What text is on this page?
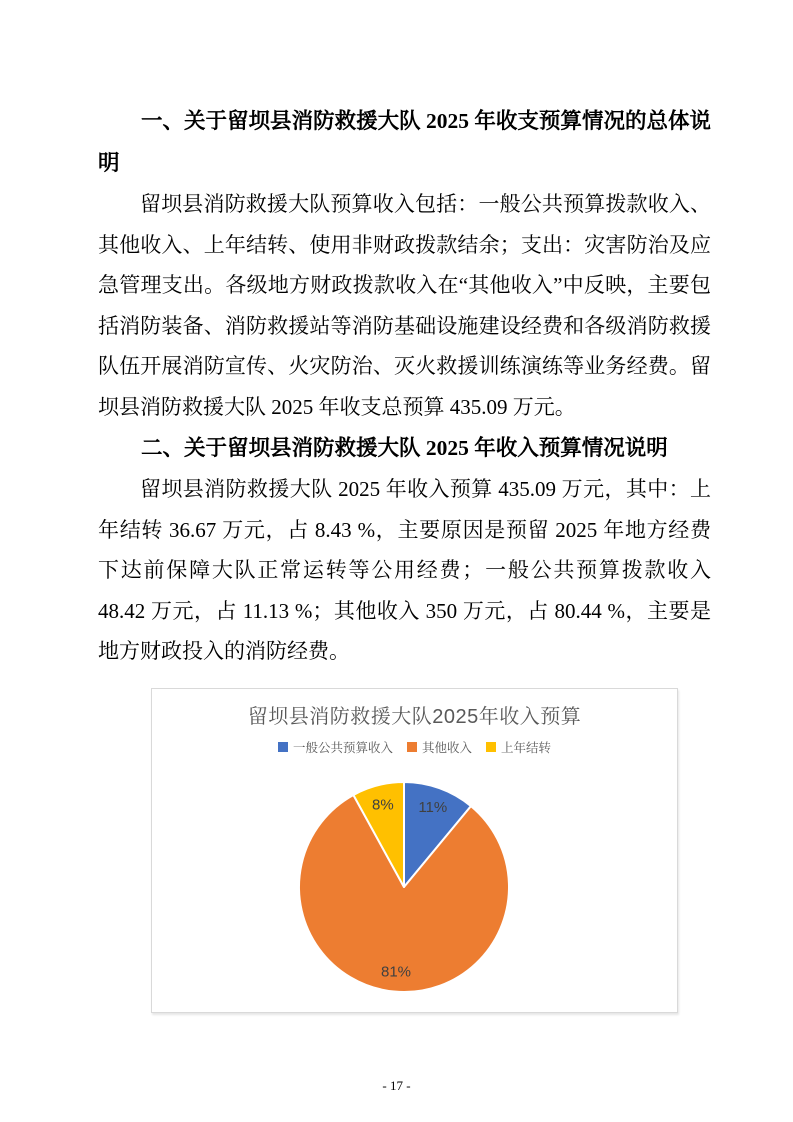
一、关于留坝县消防救援大队 2025 年收支预算情况的总体说明

留坝县消防救援大队预算收入包括：一般公共预算拨款收入、其他收入、上年结转、使用非财政拨款结余；支出：灾害防治及应急管理支出。各级地方财政拨款收入在“其他收入”中反映，主要包括消防装备、消防救援站等消防基础设施建设经费和各级消防救援队伍开展消防宣传、火灾防治、灭火救援训练演练等业务经费。留坝县消防救援大队 2025 年收支总预算 435.09 万元。

二、关于留坝县消防救援大队 2025 年收入预算情况说明

留坝县消防救援大队 2025 年收入预算 435.09 万元，其中：上年结转 36.67 万元，占 8.43 %，主要原因是预留 2025 年地方经费下达前保障大队正常运转等公用经费；一般公共预算拨款收入 48.42 万元，占 11.13 %；其他收入 350 万元，占 80.44 %，主要是地方财政投入的消防经费。

留坝县消防救援大队2025年收入预算
一般公共预算收入 其他收入 上年结转
11%
81%
8%
- 17 -
